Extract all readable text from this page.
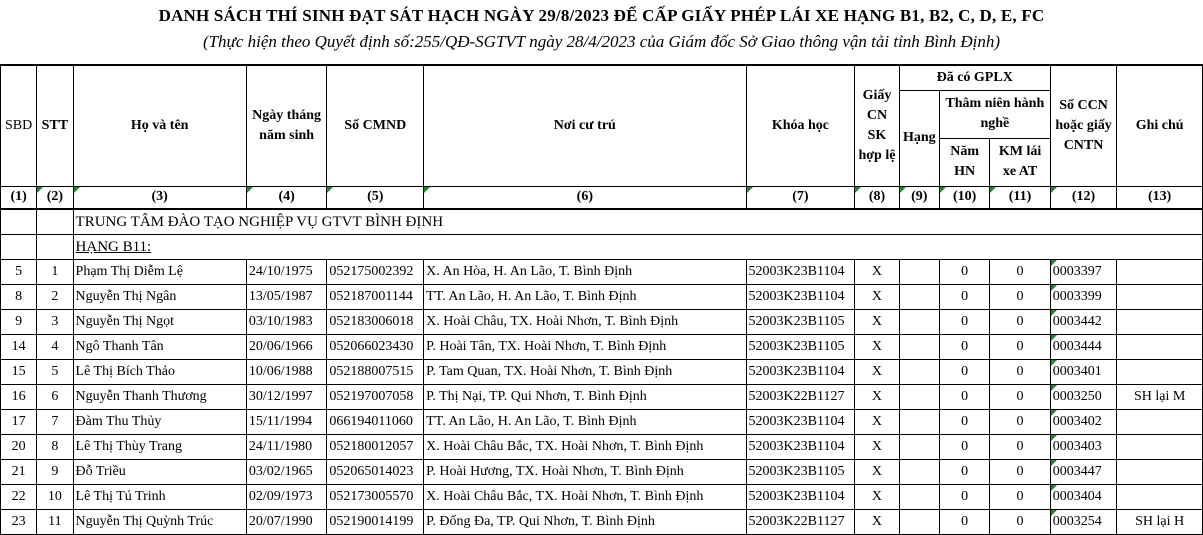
DANH SÁCH THÍ SINH ĐẠT SÁT HẠCH NGÀY 29/8/2023 ĐỂ CẤP GIẤY PHÉP LÁI XE HẠNG B1, B2, C, D, E, FC
(Thực hiện theo Quyết định số:255/QĐ-SGTVT ngày 28/4/2023 của Giám đốc Sở Giao thông vận tải tỉnh Bình Định)
SBD	STT	Họ và tên	Ngày tháng năm sinh	Số CMND	Nơi cư trú	Khóa học	Giấy CN SK hợp lệ	Đã có GPLX			Số CCN hoặc giấy CNTN	Ghi chú
								Hạng	Thâm niên hành nghề			
									Năm HN	KM lái xe AT		
(1)	(2)	(3)	(4)	(5)	(6)	(7)	(8)	(9)	(10)	(11)	(12)	(13)
		TRUNG TÂM ĐÀO TẠO NGHIỆP VỤ GTVT BÌNH ĐỊNH										
		HẠNG B11:										
5	1	Phạm Thị Diễm Lệ	24/10/1975	052175002392	X. An Hòa, H. An Lão, T. Bình Định	52003K23B1104	X		0	0	0003397

8	2	Nguyễn Thị Ngân	13/05/1987	052187001144	TT. An Lão, H. An Lão, T. Bình Định	52003K23B1104	X		0	0	0003399

9	3	Nguyễn Thị Ngọt	03/10/1983	052183006018	X. Hoài Châu, TX. Hoài Nhơn, T. Bình Định	52003K23B1105	X		0	0	0003442

14	4	Ngô Thanh Tân	20/06/1966	052066023430	P. Hoài Tân, TX. Hoài Nhơn, T. Bình Định	52003K23B1105	X		0	0	0003444

15	5	Lê Thị Bích Thảo	10/06/1988	052188007515	P. Tam Quan, TX. Hoài Nhơn, T. Bình Định	52003K23B1104	X		0	0	0003401

16	6	Nguyễn Thanh Thương	30/12/1997	052197007058	P. Thị Nại, TP. Qui Nhơn, T. Bình Định	52003K22B1127	X		0	0	0003250	SH lại M
17	7	Đàm Thu Thủy	15/11/1994	066194011060	TT. An Lão, H. An Lão, T. Bình Định	52003K23B1104	X		0	0	0003402

20	8	Lê Thị Thùy Trang	24/11/1980	052180012057	X. Hoài Châu Bắc, TX. Hoài Nhơn, T. Bình Định	52003K23B1104	X		0	0	0003403

21	9	Đỗ Triều	03/02/1965	052065014023	P. Hoài Hương, TX. Hoài Nhơn, T. Bình Định	52003K23B1105	X		0	0	0003447

22	10	Lê Thị Tú Trinh	02/09/1973	052173005570	X. Hoài Châu Bắc, TX. Hoài Nhơn, T. Bình Định	52003K23B1104	X		0	0	0003404

23	11	Nguyễn Thị Quỳnh Trúc	20/07/1990	052190014199	P. Đống Đa, TP. Qui Nhơn, T. Bình Định	52003K22B1127	X		0	0	0003254	SH lại H
